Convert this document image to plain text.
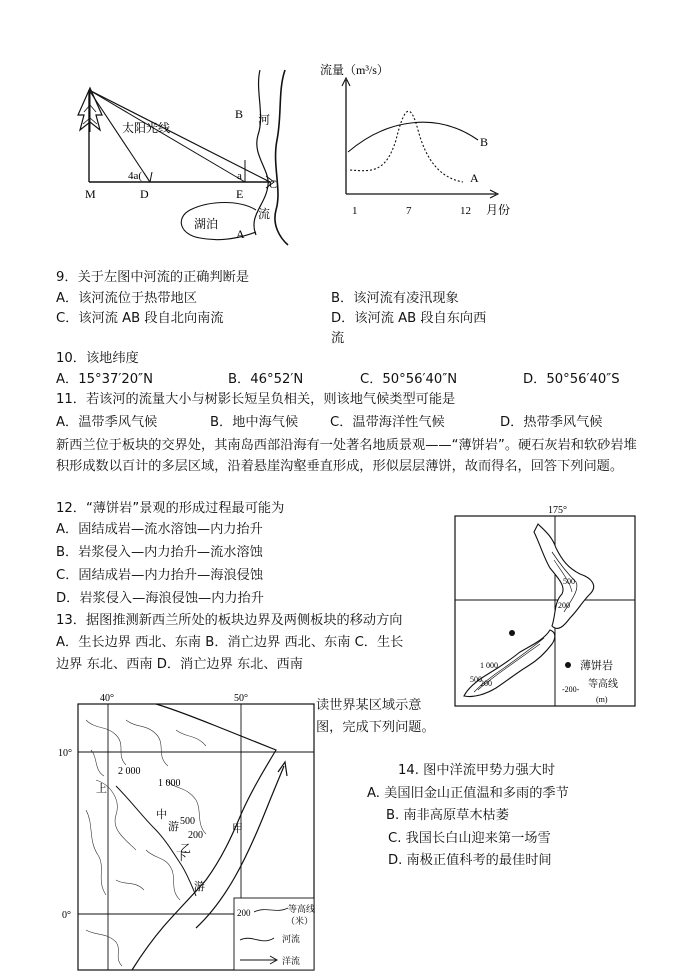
太阳光线
河
流
湖泊
M	D	E
C
B
A
4a(	a
流量（m³/s）
1	7	12 月份
A
B
9．关于左图中河流的正确判断是
A．该河流位于热带地区	B．该河流有凌汛现象
C．该河流 AB 段自北向南流	D．该河流 AB 段自东向西
流
10．该地纬度
A．15°37′20″N	B．46°52′N	C．50°56′40″N	D．50°56′40″S
11．若该河的流量大小与树影长短呈负相关，则该地气候类型可能是
A．温带季风气候	B．地中海气候 C．温带海洋性气候	D．热带季风气候
新西兰位于板块的交界处，其南岛西部沿海有一处著名地质景观——“薄饼岩”。硬石灰岩和软砂岩堆积形成数以百计的多层区域，沿着悬崖沟壑垂直形成，形似层层薄饼，故而得名，回答下列问题。
12．“薄饼岩”景观的形成过程最可能为
A．固结成岩—流水溶蚀—内力抬升
B．岩浆侵入—内力抬升—流水溶蚀
C．固结成岩—内力抬升—海浪侵蚀
D．岩浆侵入—海浪侵蚀—内力抬升
13．据图推测新西兰所处的板块边界及两侧板块的移动方向
A．生长边界 西北、东南 B．消亡边界 西北、东南 C．生长
边界 东北、西南 D．消亡边界 东北、西南
175°
500
200
1 000
500
200
薄饼岩
-200- 等高线
(m)
40°	50°
10°
0°
2 000
1 000
500
200
上
中
游
下
游
乙
甲
200	等高线
（米）
河流
洋流
读世界某区域示意
图，完成下列问题。
14. 图中洋流甲势力强大时
A. 美国旧金山正值温和多雨的季节
B. 南非高原草木枯萎
C. 我国长白山迎来第一场雪
D. 南极正值科考的最佳时间
